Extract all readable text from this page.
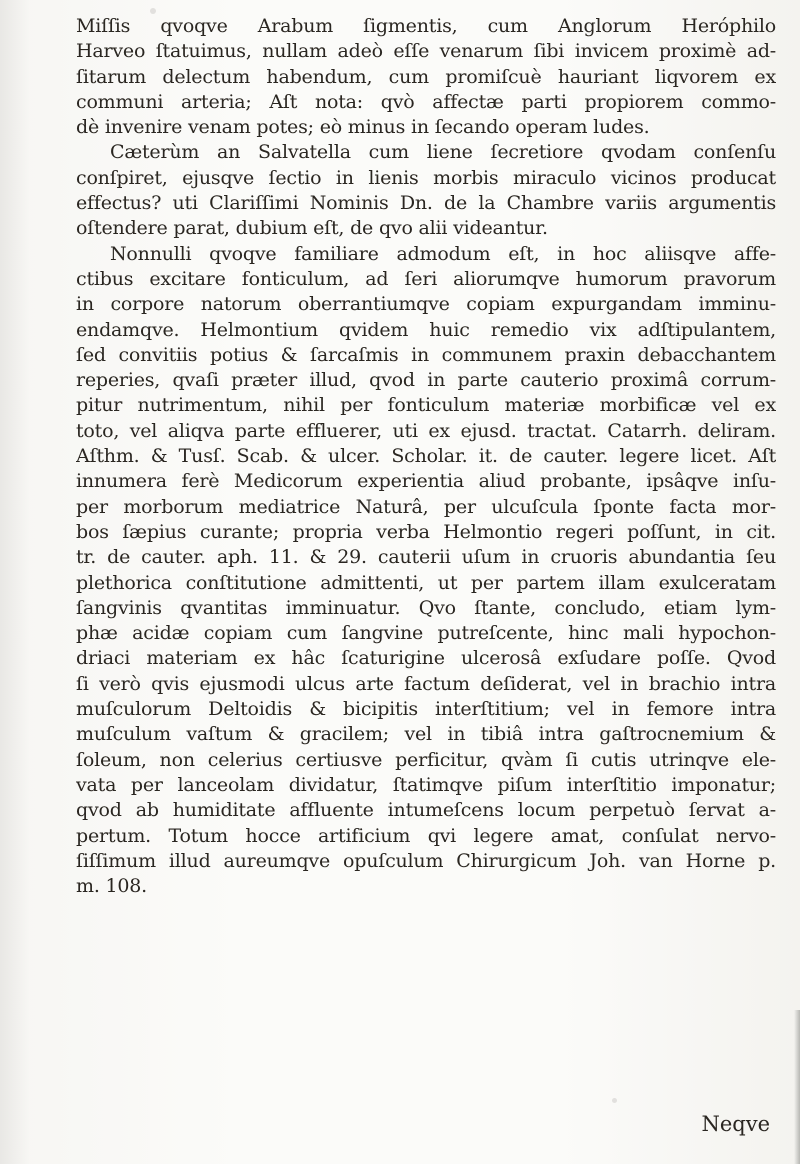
Miſſis qvoqve Arabum ſigmentis, cum Anglorum Heróphilo
Harveo ſtatuimus, nullam adeò eſſe venarum ſibi invicem proximè ad-
ſitarum delectum habendum, cum promiſcuè hauriant liqvorem ex
communi arteria; Aſt nota: qvò affectæ parti propiorem commo-
dè invenire venam potes; eò minus in ſecando operam ludes.
Cæterùm an Salvatella cum liene ſecretiore qvodam conſenſu
conſpiret, ejusqve ſectio in lienis morbis miraculo vicinos producat
effectus? uti Clariſſimi Nominis Dn. de la Chambre variis argumentis
oſtendere parat, dubium eſt, de qvo alii videantur.
Nonnulli qvoqve familiare admodum eſt, in hoc aliisqve affe-
ctibus excitare fonticulum, ad ſeri aliorumqve humorum pravorum
in corpore natorum oberrantiumqve copiam expurgandam imminu-
endamqve. Helmontium qvidem huic remedio vix adſtipulantem,
ſed convitiis potius & ſarcaſmis in communem praxin debacchantem
reperies, qvaſi præter illud, qvod in parte cauterio proximâ corrum-
pitur nutrimentum, nihil per fonticulum materiæ morbificæ vel ex
toto, vel aliqva parte effluerer, uti ex ejusd. tractat. Catarrh. deliram.
Aſthm. & Tusſ. Scab. & ulcer. Scholar. it. de cauter. legere licet. Aſt
innumera ferè Medicorum experientia aliud probante, ipsâqve inſu-
per morborum mediatrice Naturâ, per ulcuſcula ſponte facta mor-
bos ſæpius curante; propria verba Helmontio regeri poſſunt, in cit.
tr. de cauter. aph. 11. & 29. cauterii uſum in cruoris abundantia ſeu
plethorica conſtitutione admittenti, ut per partem illam exulceratam
ſangvinis qvantitas imminuatur. Qvo ſtante, concludo, etiam lym-
phæ acidæ copiam cum ſangvine putreſcente, hinc mali hypochon-
driaci materiam ex hâc ſcaturigine ulcerosâ exſudare poſſe. Qvod
ſi verò qvis ejusmodi ulcus arte factum deſiderat, vel in brachio intra
muſculorum Deltoidis & bicipitis interſtitium; vel in femore intra
muſculum vaſtum & gracilem; vel in tibiâ intra gaſtrocnemium &
ſoleum, non celerius certiusve perficitur, qvàm ſi cutis utrinqve ele-
vata per lanceolam dividatur, ſtatimqve piſum interſtitio imponatur;
qvod ab humiditate affluente intumeſcens locum perpetuò ſervat a-
pertum. Totum hocce artificium qvi legere amat, conſulat nervo-
ſiſſimum illud aureumqve opuſculum Chirurgicum Joh. van Horne p.
m. 108.
Neqve
